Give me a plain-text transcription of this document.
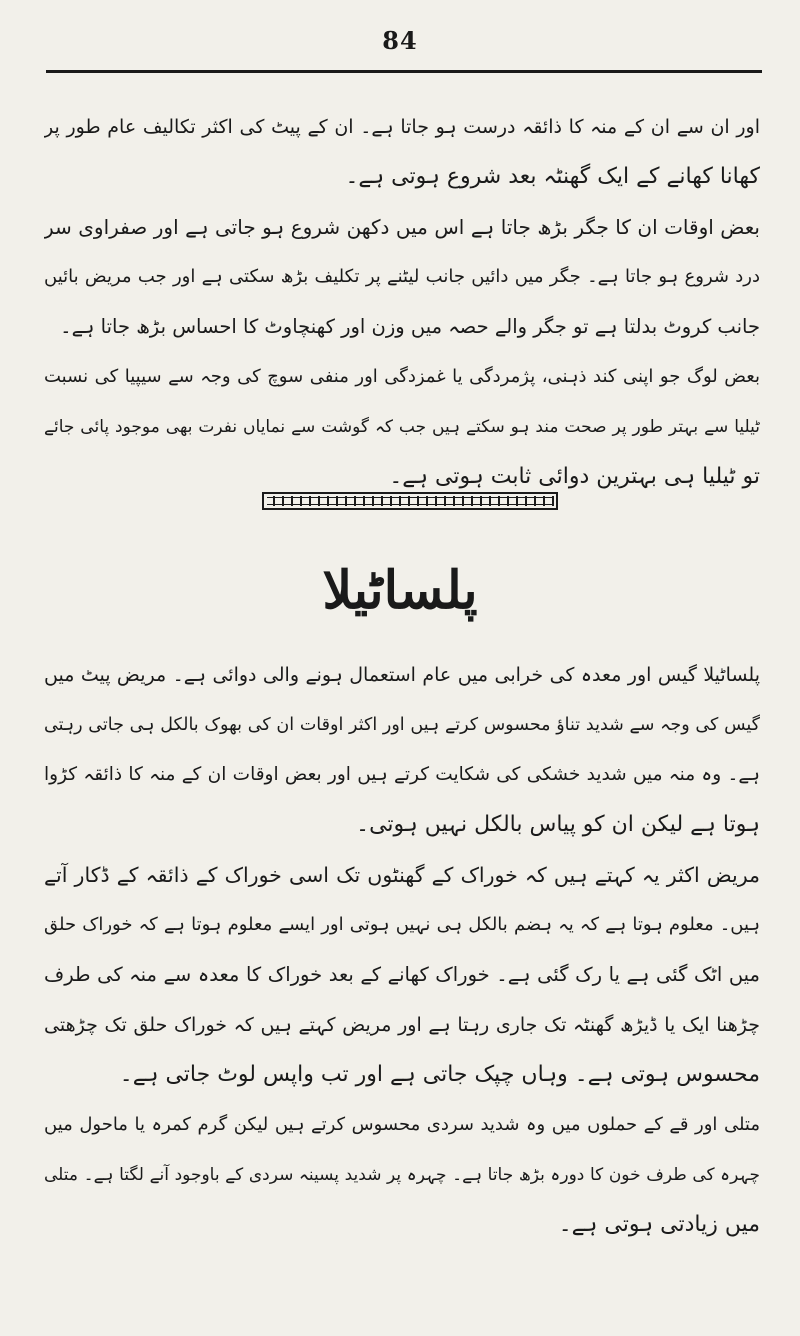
84
اور ان سے ان کے منہ کا ذائقہ درست ہو جاتا ہے۔ ان کے پیٹ کی اکثر تکالیف عام طور پر
کھانا کھانے کے ایک گھنٹہ بعد شروع ہوتی ہے۔
بعض اوقات ان کا جگر بڑھ جاتا ہے اس میں دکھن شروع ہو جاتی ہے اور صفراوی سر
درد شروع ہو جاتا ہے۔ جگر میں دائیں جانب لیٹنے پر تکلیف بڑھ سکتی ہے اور جب مریض بائیں
جانب کروٹ بدلتا ہے تو جگر والے حصہ میں وزن اور کھنچاوٹ کا احساس بڑھ جاتا ہے۔
بعض لوگ جو اپنی کند ذہنی، پژمردگی یا غمزدگی اور منفی سوچ کی وجہ سے سیپیا کی نسبت
ٹیلیا سے بہتر طور پر صحت مند ہو سکتے ہیں جب کہ گوشت سے نمایاں نفرت بھی موجود پائی جائے
تو ٹیلیا ہی بہترین دوائی ثابت ہوتی ہے۔
پلساٹیلا
پلساٹیلا گیس اور معدہ کی خرابی میں عام استعمال ہونے والی دوائی ہے۔ مریض پیٹ میں
گیس کی وجہ سے شدید تناؤ محسوس کرتے ہیں اور اکثر اوقات ان کی بھوک بالکل ہی جاتی رہتی
ہے۔ وہ منہ میں شدید خشکی کی شکایت کرتے ہیں اور بعض اوقات ان کے منہ کا ذائقہ کڑوا
ہوتا ہے لیکن ان کو پیاس بالکل نہیں ہوتی۔
مریض اکثر یہ کہتے ہیں کہ خوراک کے گھنٹوں تک اسی خوراک کے ذائقہ کے ڈکار آتے
ہیں۔ معلوم ہوتا ہے کہ یہ ہضم بالکل ہی نہیں ہوتی اور ایسے معلوم ہوتا ہے کہ خوراک حلق
میں اٹک گئی ہے یا رک گئی ہے۔ خوراک کھانے کے بعد خوراک کا معدہ سے منہ کی طرف
چڑھنا ایک یا ڈیڑھ گھنٹہ تک جاری رہتا ہے اور مریض کہتے ہیں کہ خوراک حلق تک چڑھتی
محسوس ہوتی ہے۔ وہاں چپک جاتی ہے اور تب واپس لوٹ جاتی ہے۔
متلی اور قے کے حملوں میں وہ شدید سردی محسوس کرتے ہیں لیکن گرم کمرہ یا ماحول میں
چہرہ کی طرف خون کا دورہ بڑھ جاتا ہے۔ چہرہ پر شدید پسینہ سردی کے باوجود آنے لگتا ہے۔ متلی
میں زیادتی ہوتی ہے۔
